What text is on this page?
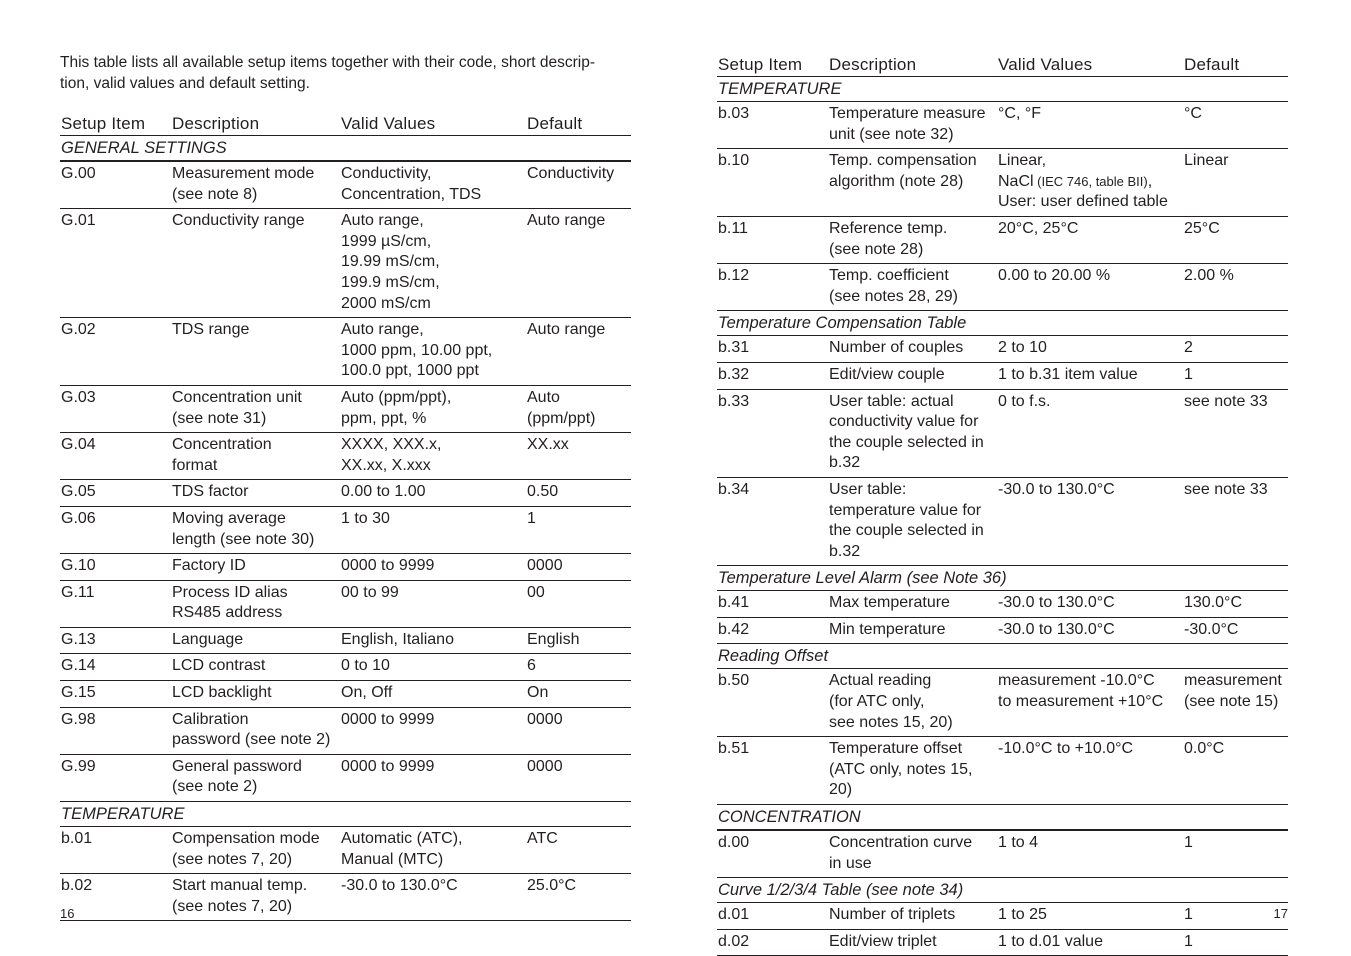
This table lists all available setup items together with their code, short descrip-
tion, valid values and default setting.

Setup Item	Description	Valid Values	Default
GENERAL SETTINGS			
G.00	Measurement mode
(see note 8)	Conductivity,
Concentration, TDS	Conductivity
G.01	Conductivity range	Auto range,
1999 µS/cm,
19.99 mS/cm,
199.9 mS/cm,
2000 mS/cm	Auto range
G.02	TDS range	Auto range,
1000 ppm, 10.00 ppt,
100.0 ppt, 1000 ppt	Auto range
G.03	Concentration unit
(see note 31)	Auto (ppm/ppt),
ppm, ppt, %	Auto
(ppm/ppt)
G.04	Concentration
format	XXXX, XXX.x,
XX.xx, X.xxx	XX.xx
G.05	TDS factor	0.00 to 1.00	0.50
G.06	Moving average
length (see note 30)	1 to 30	1
G.10	Factory ID	0000 to 9999	0000
G.11	Process ID alias
RS485 address	00 to 99	00
G.13	Language	English, Italiano	English
G.14	LCD contrast	0 to 10	6
G.15	LCD backlight	On, Off	On
G.98	Calibration
password (see note 2)	0000 to 9999	0000
G.99	General password
(see note 2)	0000 to 9999	0000
TEMPERATURE			
b.01	Compensation mode
(see notes 7, 20)	Automatic (ATC),
Manual (MTC)	ATC
b.02	Start manual temp.
(see notes 7, 20)	-30.0 to 130.0°C	25.0°C
16
Setup Item	Description	Valid Values	Default
TEMPERATURE			
b.03	Temperature measure
unit (see note 32)	°C, °F	°C
b.10	Temp. compensation
algorithm (note 28)	Linear,
NaCl (IEC 746, table BII),
User: user defined table	Linear
b.11	Reference temp.
(see note 28)	20°C, 25°C	25°C
b.12	Temp. coefficient
(see notes 28, 29)	0.00 to 20.00 %	2.00 %
Temperature Compensation Table			
b.31	Number of couples	2 to 10	2
b.32	Edit/view couple	1 to b.31 item value	1
b.33	User table: actual
conductivity value for
the couple selected in b.32	0 to f.s.	see note 33
b.34	User table:
temperature value for
the couple selected in b.32	-30.0 to 130.0°C	see note 33
Temperature Level Alarm (see Note 36)			
b.41	Max temperature	-30.0 to 130.0°C	130.0°C
b.42	Min temperature	-30.0 to 130.0°C	-30.0°C
Reading Offset			
b.50	Actual reading
(for ATC only,
see notes 15, 20)	measurement -10.0°C
to measurement +10°C	measurement
(see note 15)
b.51	Temperature offset
(ATC only, notes 15, 20)	-10.0°C to +10.0°C	0.0°C
CONCENTRATION			
d.00	Concentration curve
in use	1 to 4	1
Curve 1/2/3/4 Table (see note 34)			
d.01	Number of triplets	1 to 25	1
d.02	Edit/view triplet	1 to d.01 value	1
17
